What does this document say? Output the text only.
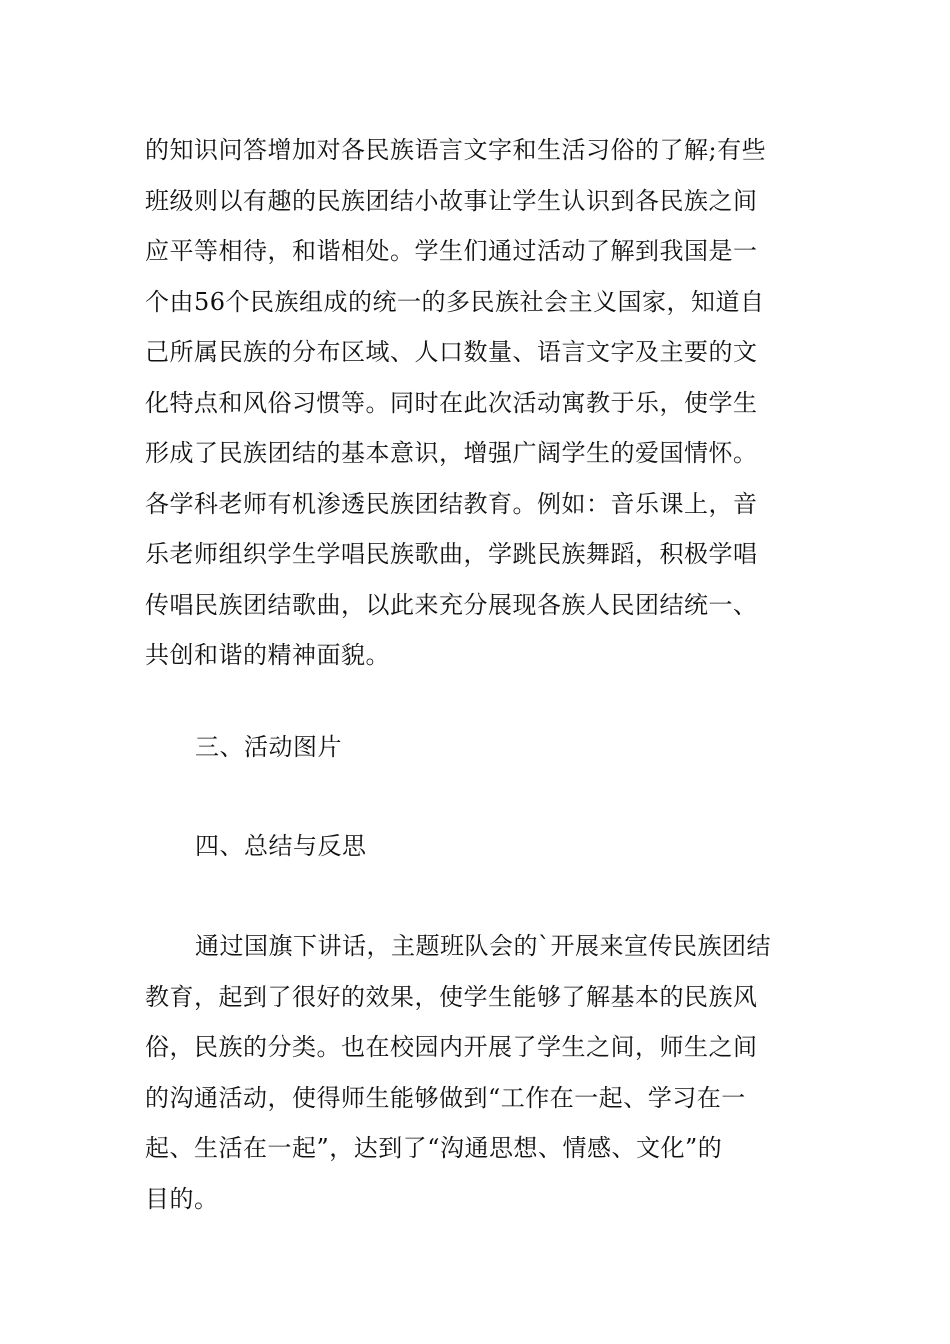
的知识问答增加对各民族语言文字和生活习俗的了解;有些
班级则以有趣的民族团结小故事让学生认识到各民族之间
应平等相待，和谐相处。学生们通过活动了解到我国是一
个由56个民族组成的统一的多民族社会主义国家，知道自
己所属民族的分布区域、人口数量、语言文字及主要的文
化特点和风俗习惯等。同时在此次活动寓教于乐，使学生
形成了民族团结的基本意识，增强广阔学生的爱国情怀。
各学科老师有机渗透民族团结教育。例如：音乐课上，音
乐老师组织学生学唱民族歌曲，学跳民族舞蹈，积极学唱
传唱民族团结歌曲，以此来充分展现各族人民团结统一、
共创和谐的精神面貌。
三、活动图片
四、总结与反思
通过国旗下讲话，主题班队会的`开展来宣传民族团结
教育，起到了很好的效果，使学生能够了解基本的民族风
俗，民族的分类。也在校园内开展了学生之间，师生之间
的沟通活动，使得师生能够做到“工作在一起、学习在一
起、生活在一起”，达到了“沟通思想、情感、文化”的
目的。
